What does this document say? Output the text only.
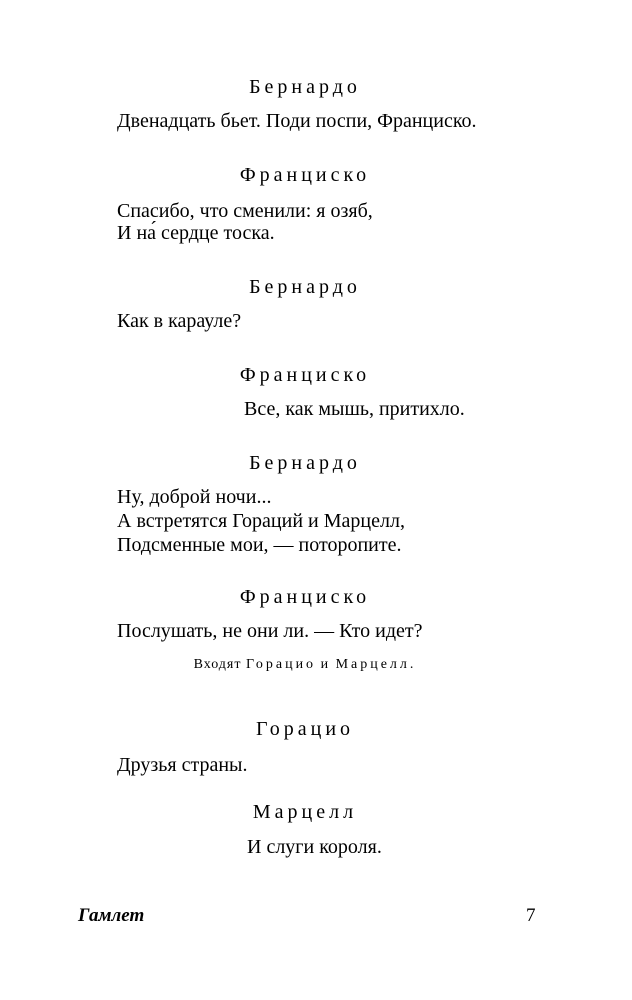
Бернардо
Двенадцать бьет. Поди поспи, Франциско.
Франциско
Спасибо, что сменили: я озяб,
И на́ сердце тоска.
Бернардо
Как в карауле?
Франциско
Все, как мышь, притихло.
Бернардо
Ну, доброй ночи...
А встретятся Гораций и Марцелл,
Подсменные мои, — поторопите.
Франциско
Послушать, не они ли. — Кто идет?
Входят Горацио и Марцелл.
Горацио
Друзья страны.
Марцелл
И слуги короля.
Гамлет	7
